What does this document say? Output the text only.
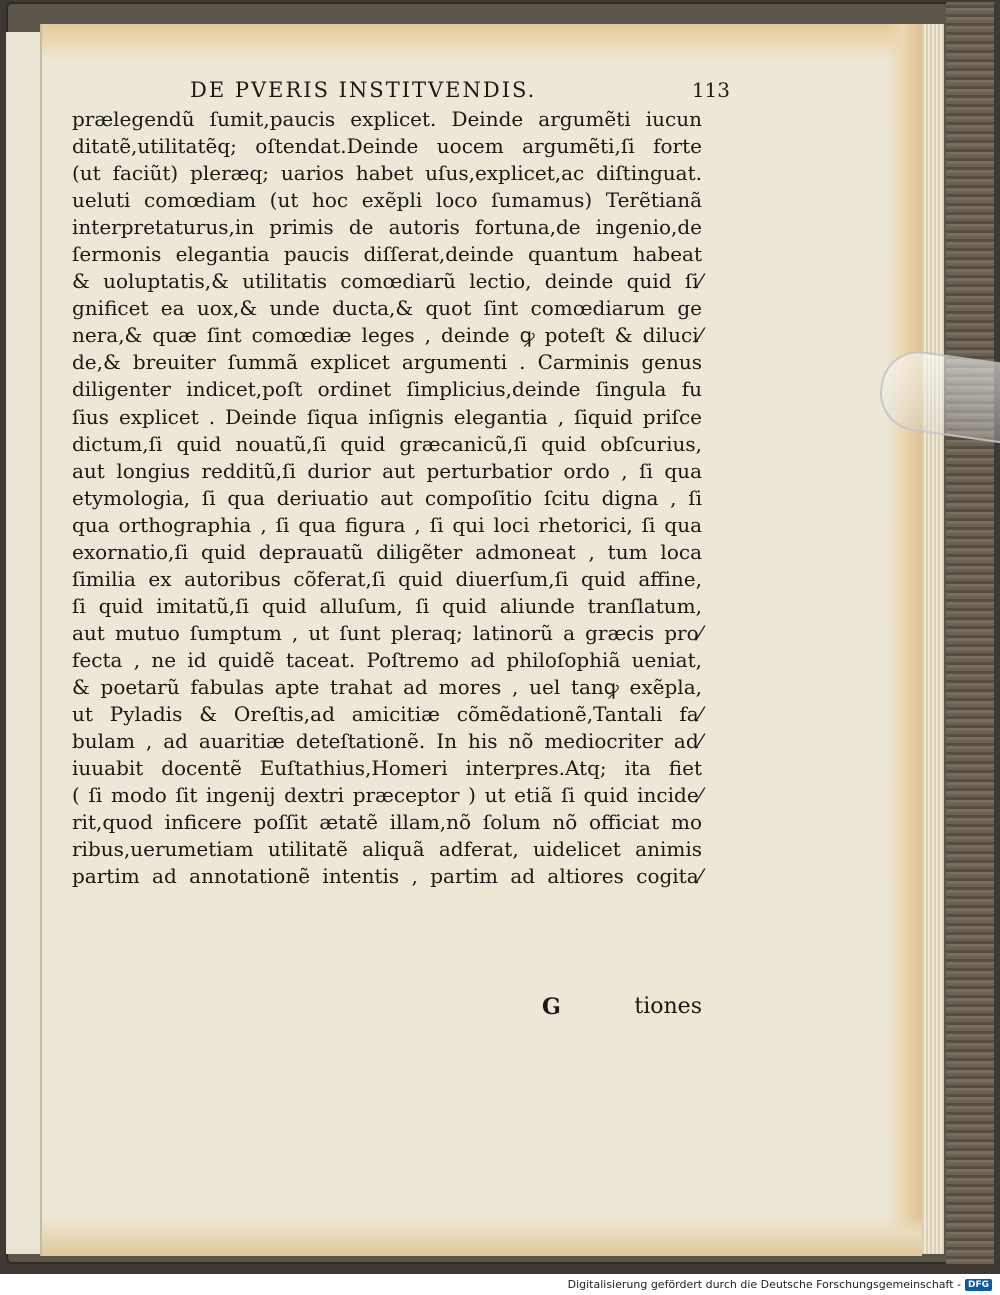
DE PVERIS INSTITVENDIS.	113
prælegendũ ſumit,paucis explicet. Deinde argumẽti iucun
ditatẽ,utilitatẽq; oſtendat.Deinde uocem argumẽti,ſi forte
(ut faciũt) pleræq; uarios habet uſus,explicet,ac diſtinguat.
ueluti comœdiam (ut hoc exẽpli loco ſumamus) Terẽtianã
interpretaturus,in primis de autoris fortuna,de ingenio,de
ſermonis elegantia paucis diſſerat,deinde quantum habeat
& uoluptatis,& utilitatis comœdiarũ lectio, deinde quid ſi⁄
gnificet ea uox,& unde ducta,& quot ſint comœdiarum ge
nera,& quæ ſint comœdiæ leges , deinde ꝙ poteſt & diluci⁄
de,& breuiter ſummã explicet argumenti . Carminis genus
diligenter indicet,poſt ordinet ſimplicius,deinde ſingula fu
ſius explicet . Deinde ſiqua inſignis elegantia , ſiquid priſce
dictum,ſi quid nouatũ,ſi quid græcanicũ,ſi quid obſcurius,
aut longius redditũ,ſi durior aut perturbatior ordo , ſi qua
etymologia, ſi qua deriuatio aut compoſitio ſcitu digna , ſi
qua orthographia , ſi qua figura , ſi qui loci rhetorici, ſi qua
exornatio,ſi quid deprauatũ diligẽter admoneat , tum loca
ſimilia ex autoribus cõferat,ſi quid diuerſum,ſi quid affine,
ſi quid imitatũ,ſi quid alluſum, ſi quid aliunde tranſlatum,
aut mutuo ſumptum , ut ſunt pleraq; latinorũ a græcis pro⁄
fecta , ne id quidẽ taceat. Poſtremo ad philoſophiã ueniat,
& poetarũ fabulas apte trahat ad mores , uel tanꝙ exẽpla,
ut Pyladis & Oreſtis,ad amicitiæ cõmẽdationẽ,Tantali fa⁄
bulam , ad auaritiæ deteſtationẽ. In his nõ mediocriter ad⁄
iuuabit docentẽ Euſtathius,Homeri interpres.Atq; ita fiet
( ſi modo ſit ingenij dextri præceptor ) ut etiã ſi quid incide⁄
rit,quod inficere poſſit ætatẽ illam,nõ ſolum nõ officiat mo
ribus,uerumetiam utilitatẽ aliquã adferat, uidelicet animis
partim ad annotationẽ intentis , partim ad altiores cogita⁄
G	tiones
Digitalisierung gefördert durch die Deutsche Forschungsgemeinschaft - DFG
